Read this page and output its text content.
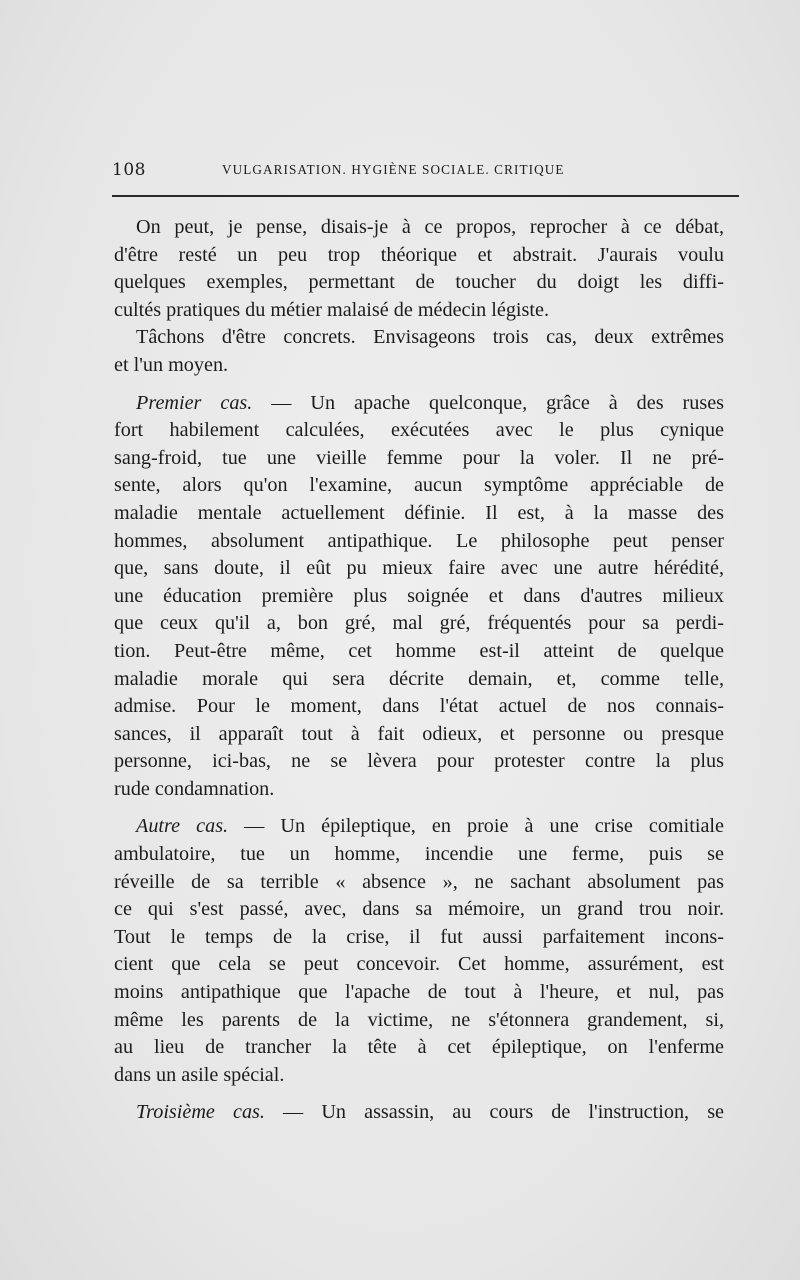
108	VULGARISATION. HYGIÈNE SOCIALE. CRITIQUE
On peut, je pense, disais-je à ce propos, reprocher à ce débat,
d'être resté un peu trop théorique et abstrait. J'aurais voulu
quelques exemples, permettant de toucher du doigt les diffi-
cultés pratiques du métier malaisé de médecin légiste.
Tâchons d'être concrets. Envisageons trois cas, deux extrêmes
et l'un moyen.
Premier cas. — Un apache quelconque, grâce à des ruses
fort habilement calculées, exécutées avec le plus cynique
sang-froid, tue une vieille femme pour la voler. Il ne pré-
sente, alors qu'on l'examine, aucun symptôme appréciable de
maladie mentale actuellement définie. Il est, à la masse des
hommes, absolument antipathique. Le philosophe peut penser
que, sans doute, il eût pu mieux faire avec une autre hérédité,
une éducation première plus soignée et dans d'autres milieux
que ceux qu'il a, bon gré, mal gré, fréquentés pour sa perdi-
tion. Peut-être même, cet homme est-il atteint de quelque
maladie morale qui sera décrite demain, et, comme telle,
admise. Pour le moment, dans l'état actuel de nos connais-
sances, il apparaît tout à fait odieux, et personne ou presque
personne, ici-bas, ne se lèvera pour protester contre la plus
rude condamnation.
Autre cas. — Un épileptique, en proie à une crise comitiale
ambulatoire, tue un homme, incendie une ferme, puis se
réveille de sa terrible « absence », ne sachant absolument pas
ce qui s'est passé, avec, dans sa mémoire, un grand trou noir.
Tout le temps de la crise, il fut aussi parfaitement incons-
cient que cela se peut concevoir. Cet homme, assurément, est
moins antipathique que l'apache de tout à l'heure, et nul, pas
même les parents de la victime, ne s'étonnera grandement, si,
au lieu de trancher la tête à cet épileptique, on l'enferme
dans un asile spécial.
Troisième cas. — Un assassin, au cours de l'instruction, se
